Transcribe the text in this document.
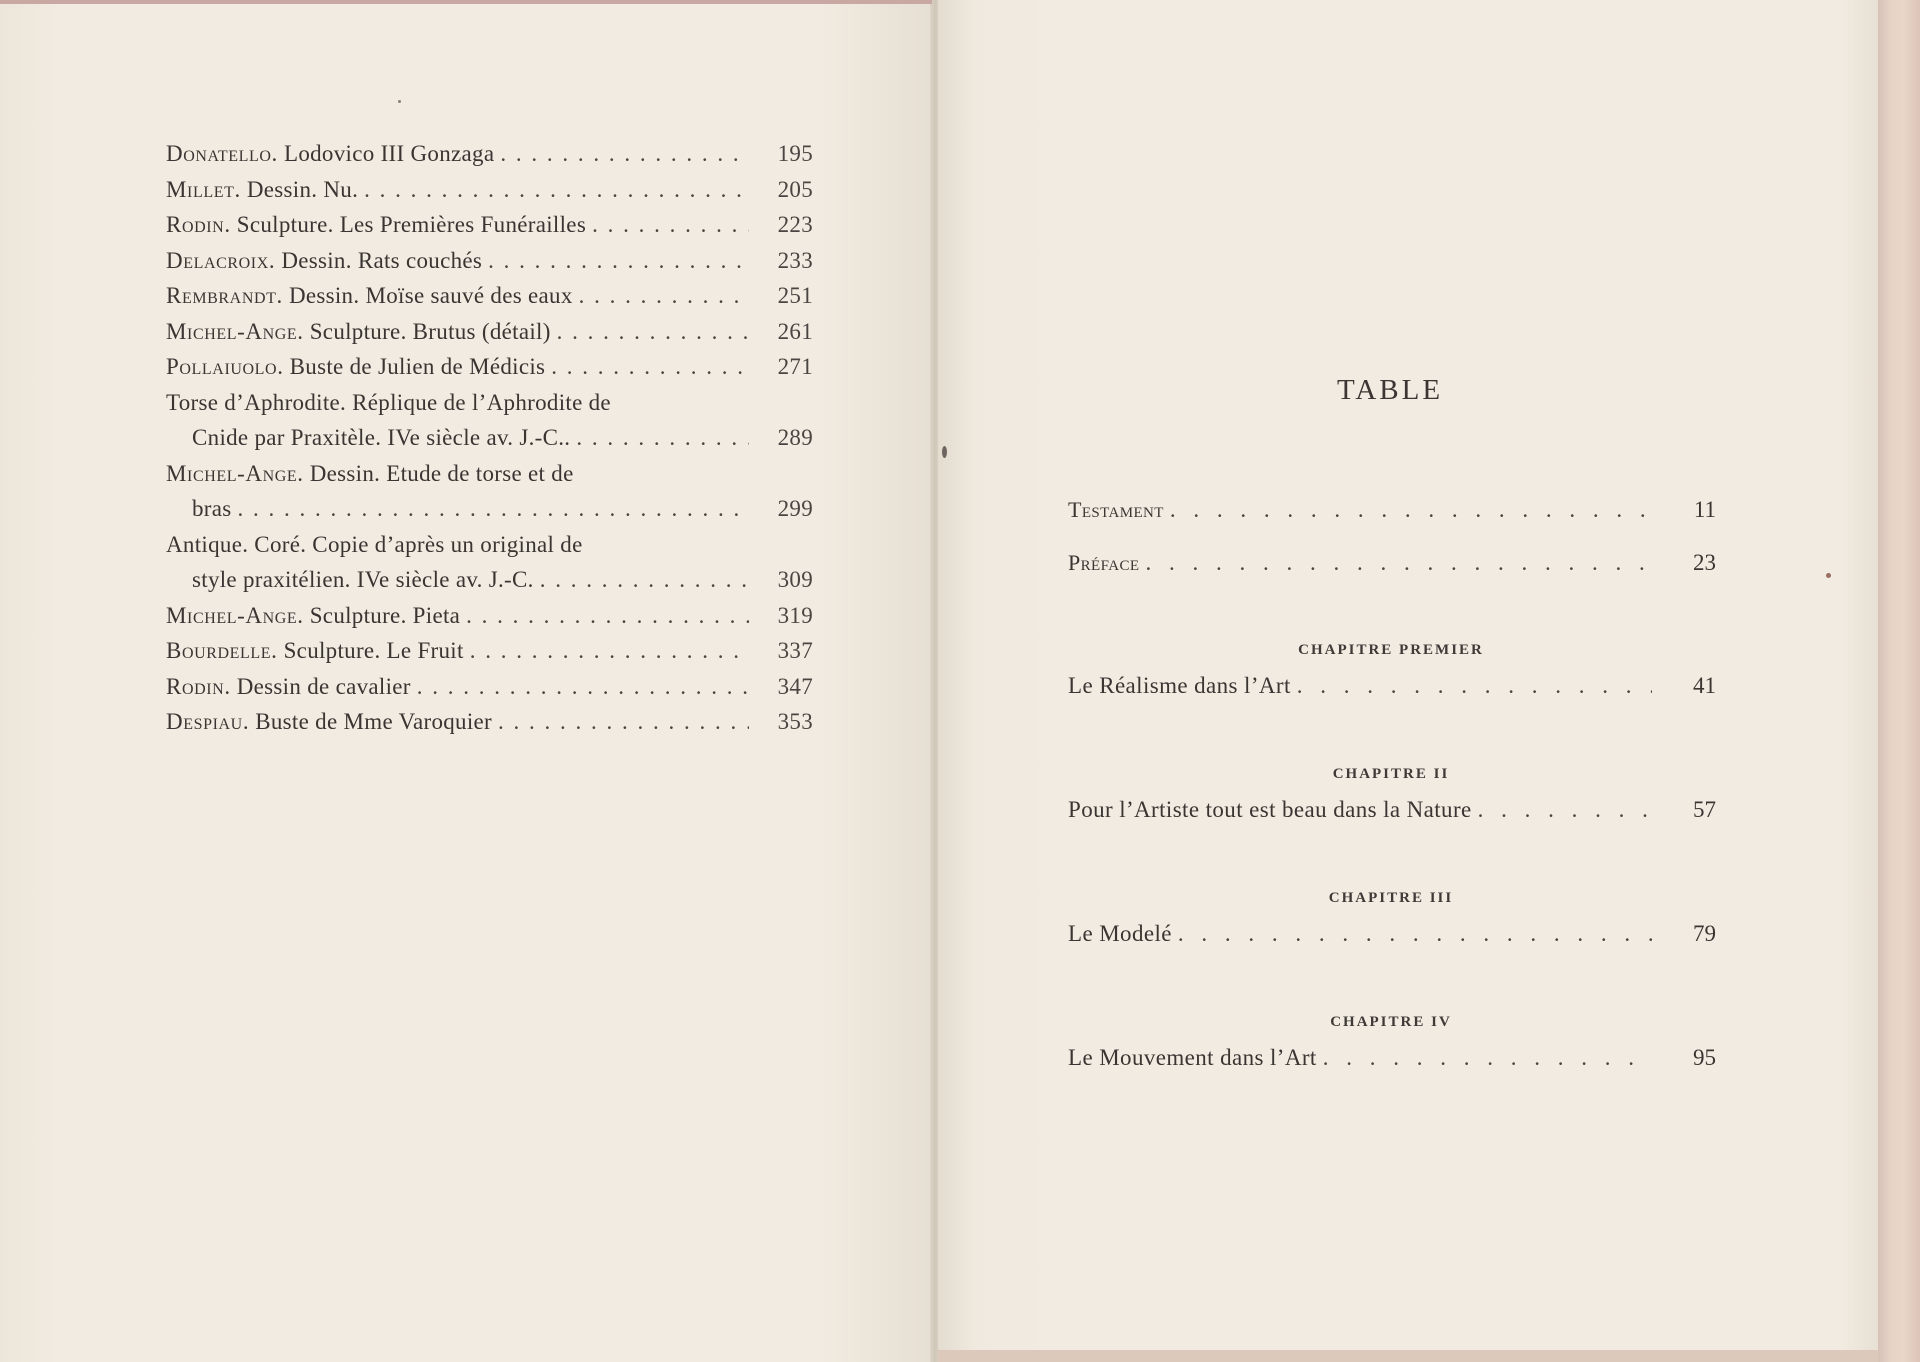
Donatello. Lodovico III Gonzaga . . .	195
Millet. Dessin. Nu. . . .	205
Rodin. Sculpture. Les Premières Funérailles . . .	223
Delacroix. Dessin. Rats couchés . . .	233
Rembrandt. Dessin. Moïse sauvé des eaux . . .	251
Michel-Ange. Sculpture. Brutus (détail) . . .	261
Pollaiuolo. Buste de Julien de Médicis . . .	271
Torse d’Aphrodite. Réplique de l’Aphrodite de
Cnide par Praxitèle. IVe siècle av. J.-C.. . . .	289
Michel-Ange. Dessin. Etude de torse et de
bras . . .	299
Antique. Coré. Copie d’après un original de
style praxitélien. IVe siècle av. J.-C. . . .	309
Michel-Ange. Sculpture. Pieta . . .	319
Bourdelle. Sculpture. Le Fruit . . .	337
Rodin. Dessin de cavalier . . .	347
Despiau. Buste de Mme Varoquier . . .	353
TABLE
Testament . . .	11
Préface . . .	23
CHAPITRE PREMIER
Le Réalisme dans l’Art . . .	41
CHAPITRE II
Pour l’Artiste tout est beau dans la Nature . . .	57
CHAPITRE III
Le Modelé . . .	79
CHAPITRE IV
Le Mouvement dans l’Art . . .	95
